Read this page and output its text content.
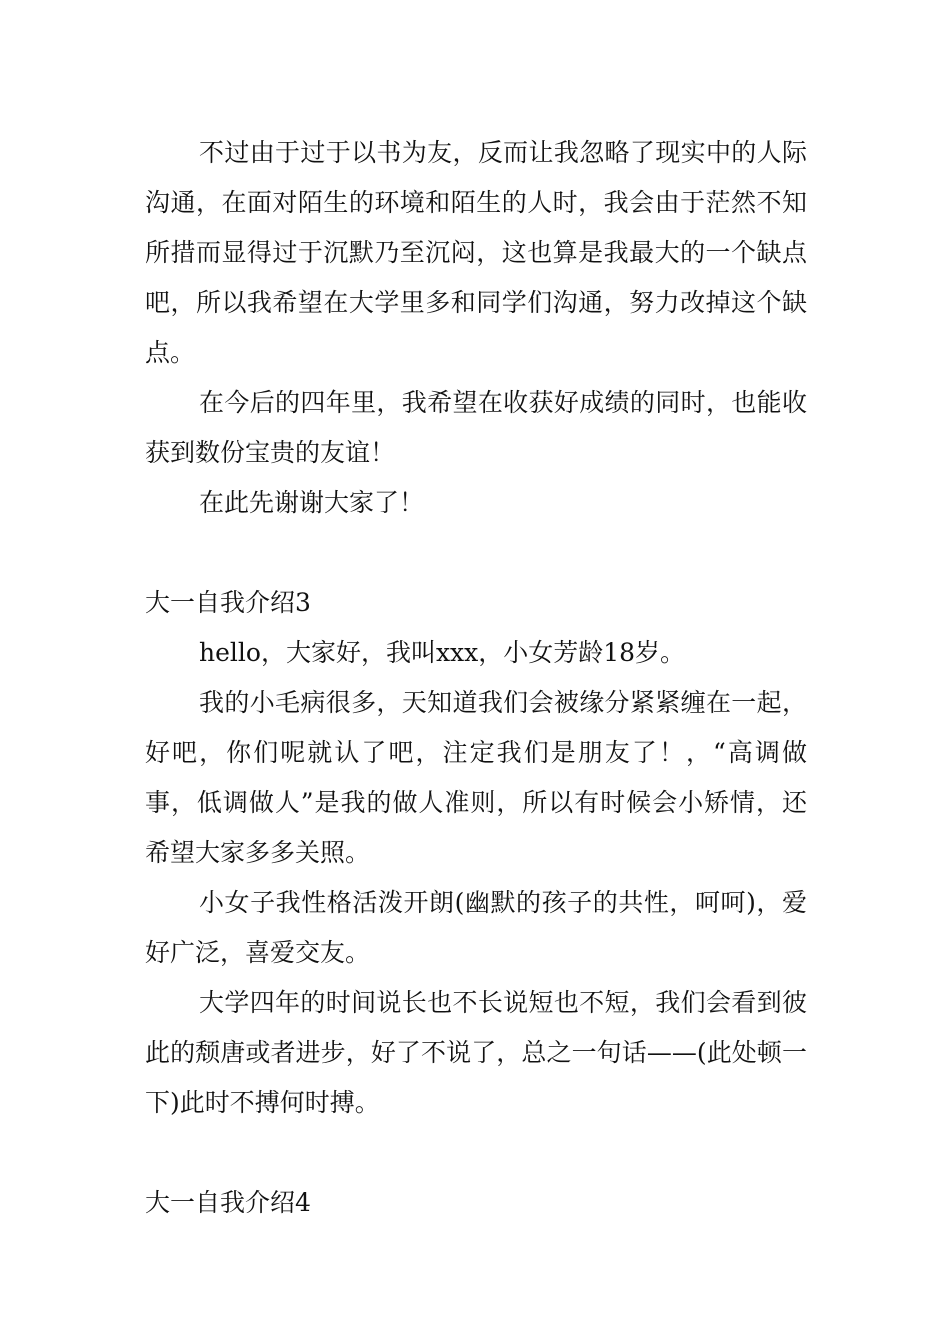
不过由于过于以书为友，反而让我忽略了现实中的人际沟通，在面对陌生的环境和陌生的人时，我会由于茫然不知所措而显得过于沉默乃至沉闷，这也算是我最大的一个缺点吧，所以我希望在大学里多和同学们沟通，努力改掉这个缺点。

在今后的四年里，我希望在收获好成绩的同时，也能收获到数份宝贵的友谊！

在此先谢谢大家了！

大一自我介绍3

hello，大家好，我叫xxx，小女芳龄18岁。

我的小毛病很多，天知道我们会被缘分紧紧缠在一起，好吧，你们呢就认了吧，注定我们是朋友了！，“高调做事，低调做人”是我的做人准则，所以有时候会小矫情，还希望大家多多关照。

小女子我性格活泼开朗(幽默的孩子的共性，呵呵)，爱好广泛，喜爱交友。

大学四年的时间说长也不长说短也不短，我们会看到彼此的颓唐或者进步，好了不说了，总之一句话——(此处顿一下)此时不搏何时搏。

大一自我介绍4
